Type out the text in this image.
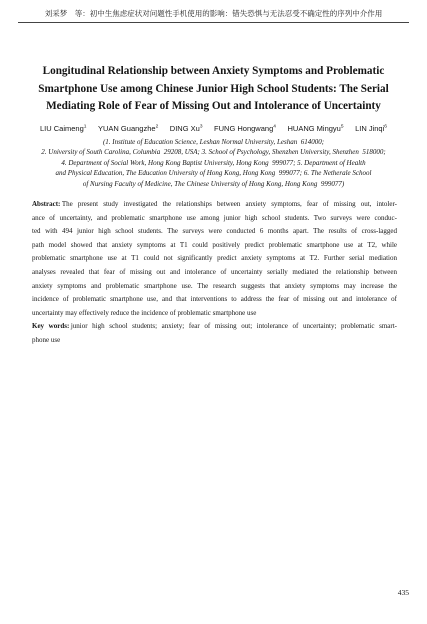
刘采梦　等：初中生焦虑症状对问题性手机使用的影响：错失恐惧与无法忍受不确定性的序列中介作用
Longitudinal Relationship between Anxiety Symptoms and Problematic
Smartphone Use among Chinese Junior High School Students: The Serial
Mediating Role of Fear of Missing Out and Intolerance of Uncertainty
LIU Caimeng$^1$ YUAN Guangzhe$^2$ DING Xu$^3$ FUNG Hongwang$^4$ HUANG Mingyu$^5$ LIN Jinqi$^6$
(1. Institute of Education Science, Leshan Normal University, Leshan  614000;
2. University of South Carolina, Columbia  29208, USA; 3. School of Psychology, Shenzhen University, Shenzhen  518000;
4. Department of Social Work, Hong Kong Baptist University, Hong Kong  999077; 5. Department of Health
and Physical Education, The Education University of Hong Kong, Hong Kong  999077; 6. The Netherale School
of Nursing Faculty of Medicine, The Chinese University of Hong Kong, Hong Kong  999077)
Abstract: The present study investigated the relationships between anxiety symptoms, fear of missing out, intoler-
ance of uncertainty, and problematic smartphone use among junior high school students. Two surveys were conduc-
ted with 494 junior high school students. The surveys were conducted 6 months apart. The results of cross-lagged
path model showed that anxiety symptoms at T1 could positively predict problematic smartphone use at T2, while
problematic smartphone use at T1 could not significantly predict anxiety symptoms at T2. Further serial mediation
analyses revealed that fear of missing out and intolerance of uncertainty serially mediated the relationship between
anxiety symptoms and problematic smartphone use. The research suggests that anxiety symptoms may increase the
incidence of problematic smartphone use, and that interventions to address the fear of missing out and intolerance of
uncertainty may effectively reduce the incidence of problematic smartphone use
Key words: junior high school students; anxiety; fear of missing out; intolerance of uncertainty; problematic smart-
phone use
435
